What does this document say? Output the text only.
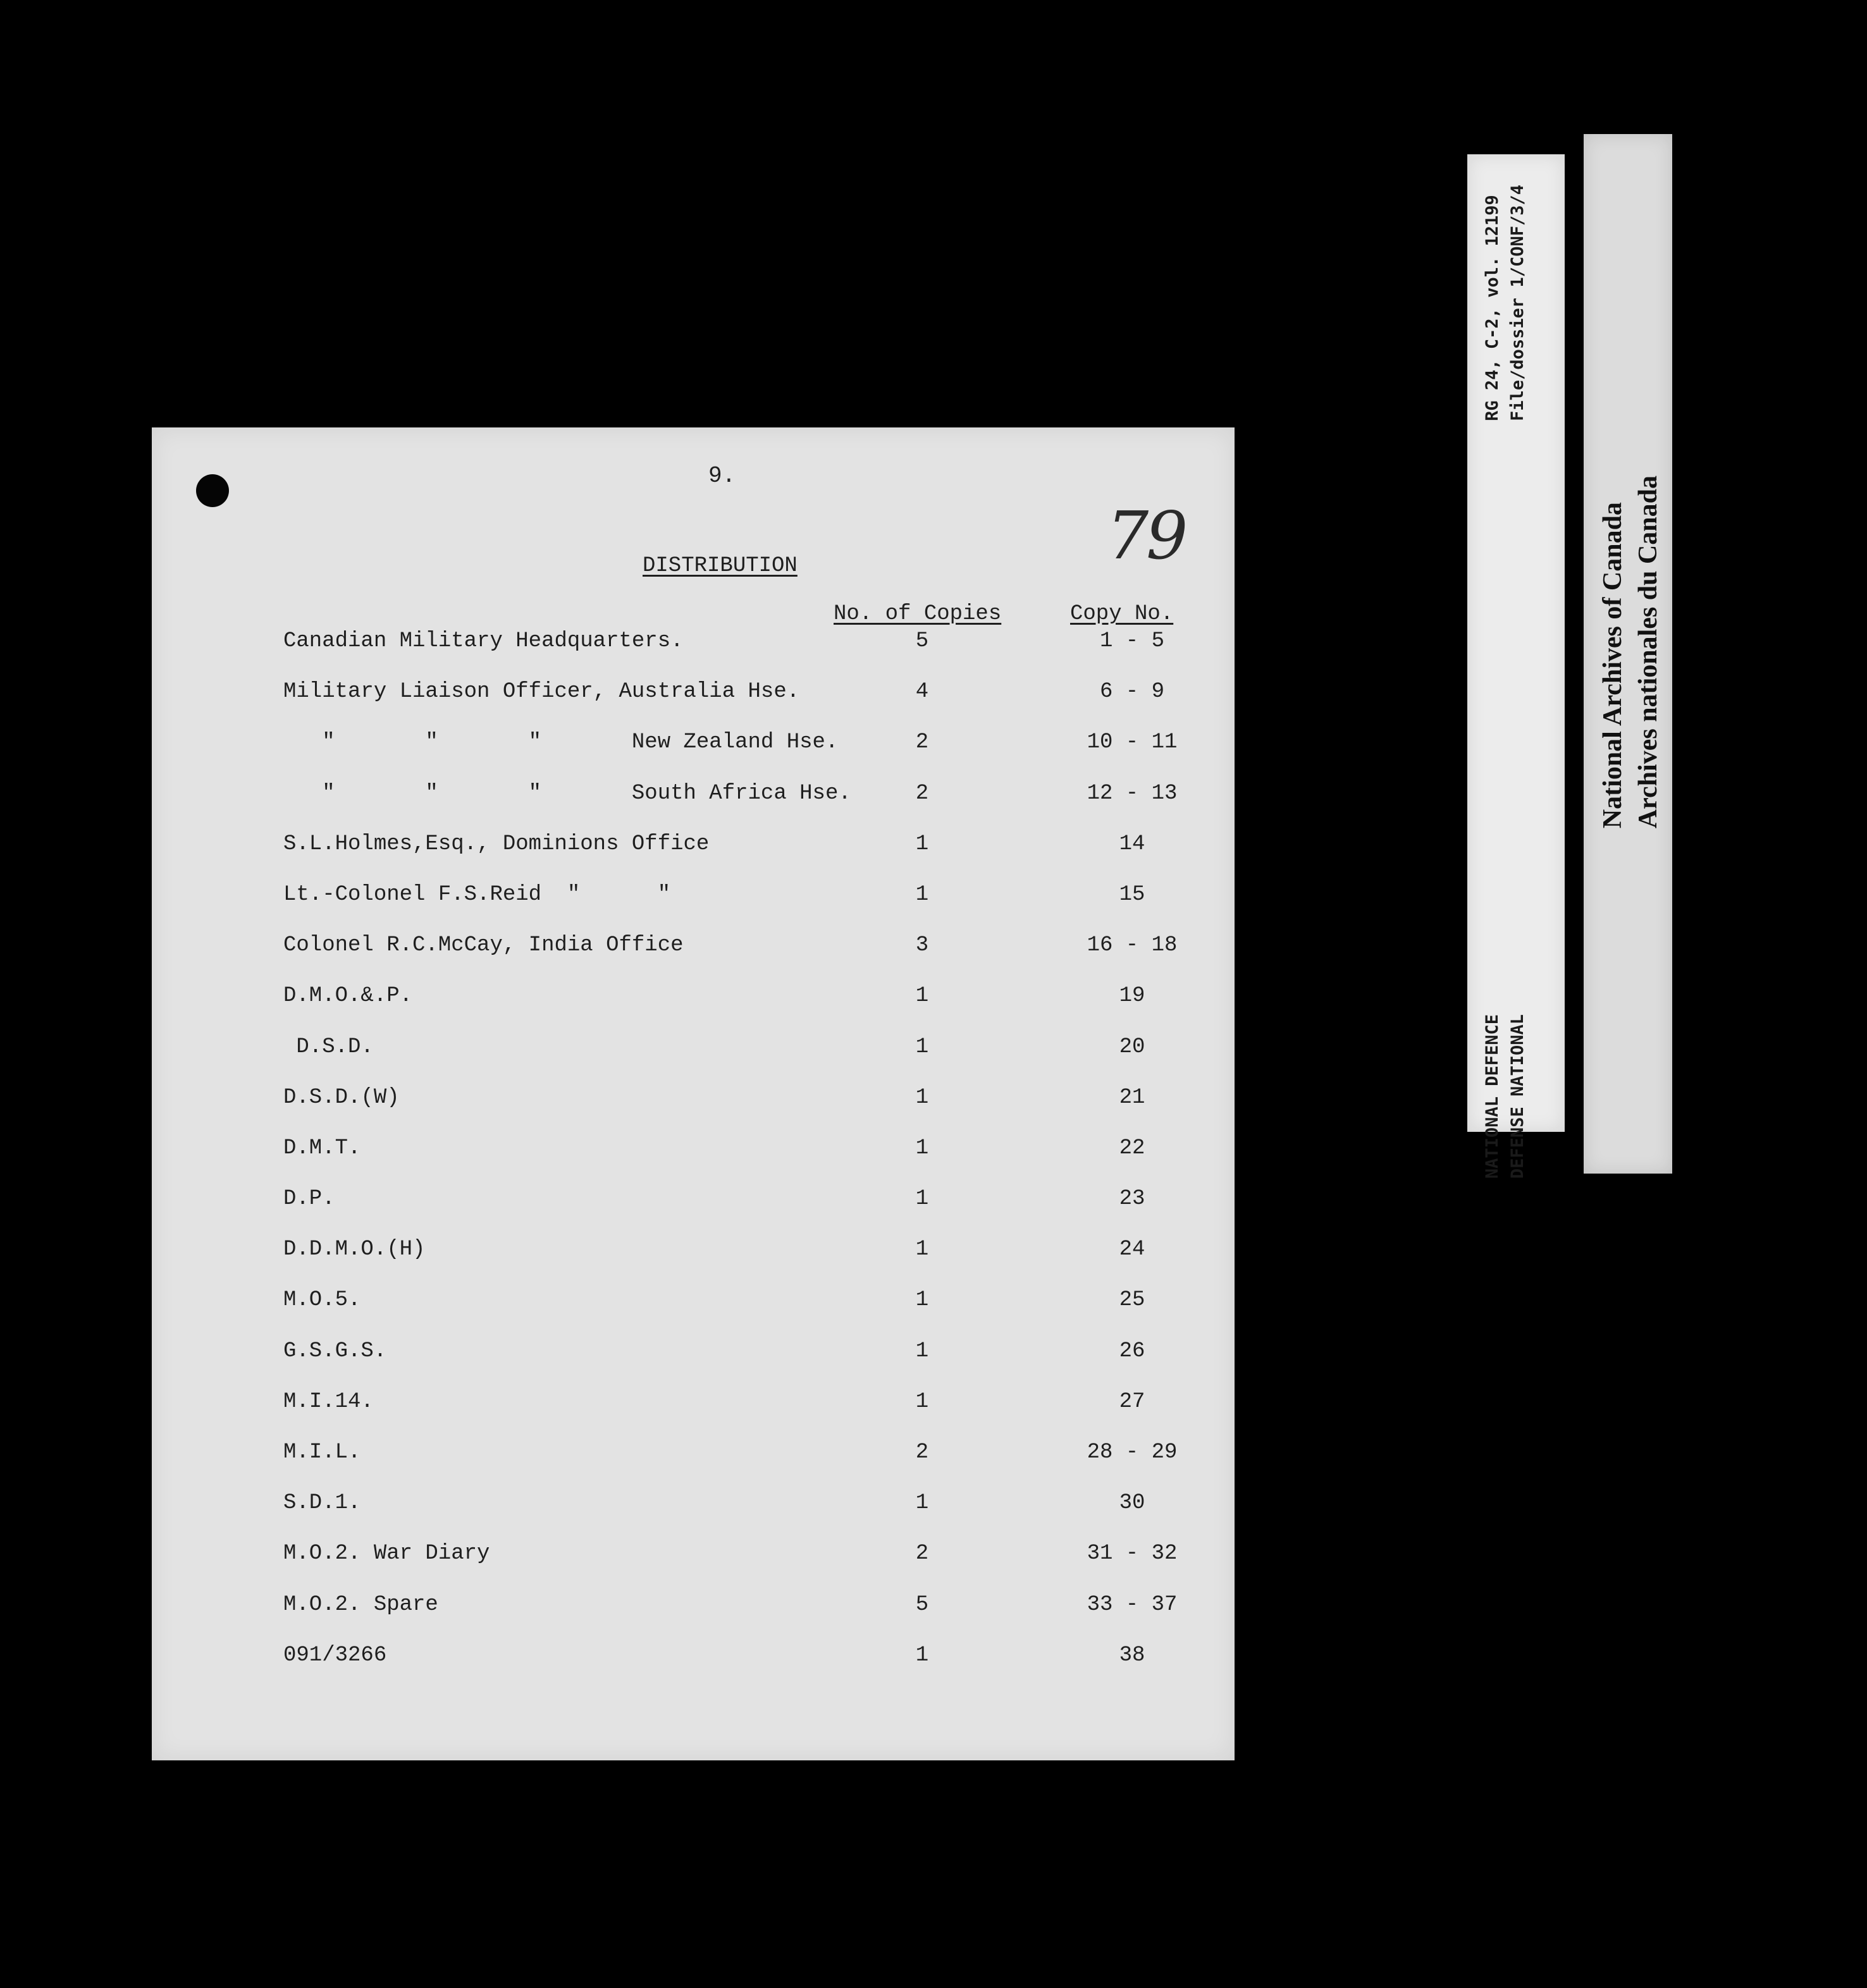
9.
79
DISTRIBUTION
No. of Copies	Copy No.
Canadian Military Headquarters.	5	1 - 5
Military Liaison Officer, Australia Hse.	4	6 - 9
"       "       "       New Zealand Hse.	2	10 - 11
"       "       "       South Africa Hse.	2	12 - 13
S.L.Holmes,Esq., Dominions Office	1	14
Lt.-Colonel F.S.Reid  "      "	1	15
Colonel R.C.McCay, India Office	3	16 - 18
D.M.O.&.P.	1	19
D.S.D.	1	20
D.S.D.(W)	1	21
D.M.T.	1	22
D.P.	1	23
D.D.M.O.(H)	1	24
M.O.5.	1	25
G.S.G.S.	1	26
M.I.14.	1	27
M.I.L.	2	28 - 29
S.D.1.	1	30
M.O.2. War Diary	2	31 - 32
M.O.2. Spare	5	33 - 37
091/3266	1	38
RG 24, C-2, vol. 12199 File/dossier 1/CONF/3/4
NATIONAL DEFENCE DEFENSE NATIONAL
National Archives of Canada Archives nationales du Canada
